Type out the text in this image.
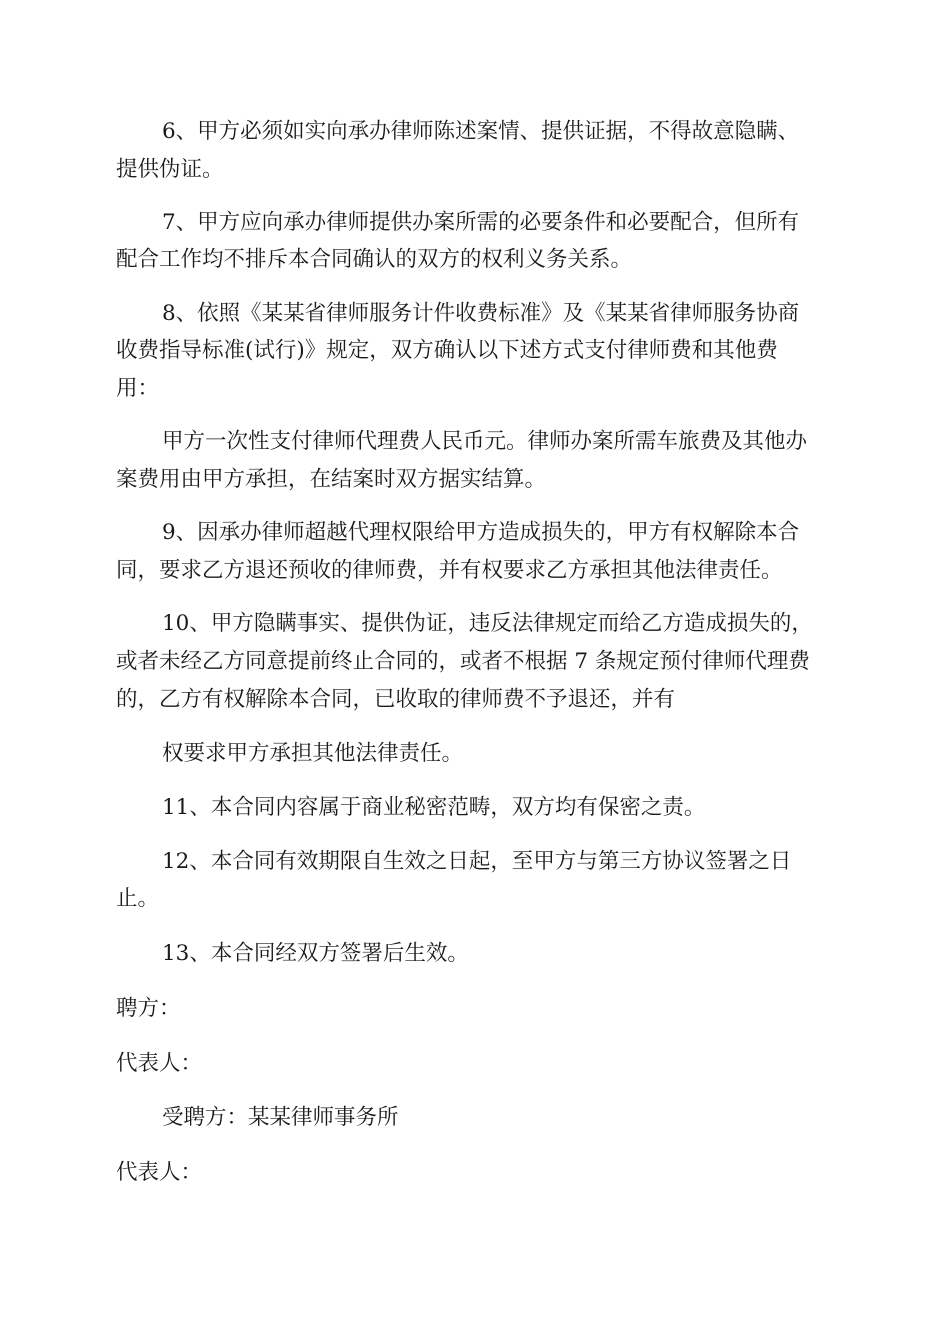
6、甲方必须如实向承办律师陈述案情、提供证据，不得故意隐瞒、
提供伪证。
7、甲方应向承办律师提供办案所需的必要条件和必要配合，但所有
配合工作均不排斥本合同确认的双方的权利义务关系。
8、依照《某某省律师服务计件收费标准》及《某某省律师服务协商
收费指导标准(试行)》规定，双方确认以下述方式支付律师费和其他费
用：
甲方一次性支付律师代理费人民币元。律师办案所需车旅费及其他办
案费用由甲方承担，在结案时双方据实结算。
9、因承办律师超越代理权限给甲方造成损失的，甲方有权解除本合
同，要求乙方退还预收的律师费，并有权要求乙方承担其他法律责任。
10、甲方隐瞒事实、提供伪证，违反法律规定而给乙方造成损失的，
或者未经乙方同意提前终止合同的，或者不根据 7 条规定预付律师代理费
的，乙方有权解除本合同，已收取的律师费不予退还，并有
权要求甲方承担其他法律责任。
11、本合同内容属于商业秘密范畴，双方均有保密之责。
12、本合同有效期限自生效之日起，至甲方与第三方协议签署之日
止。
13、本合同经双方签署后生效。
聘方：
代表人：
受聘方：某某律师事务所
代表人：
